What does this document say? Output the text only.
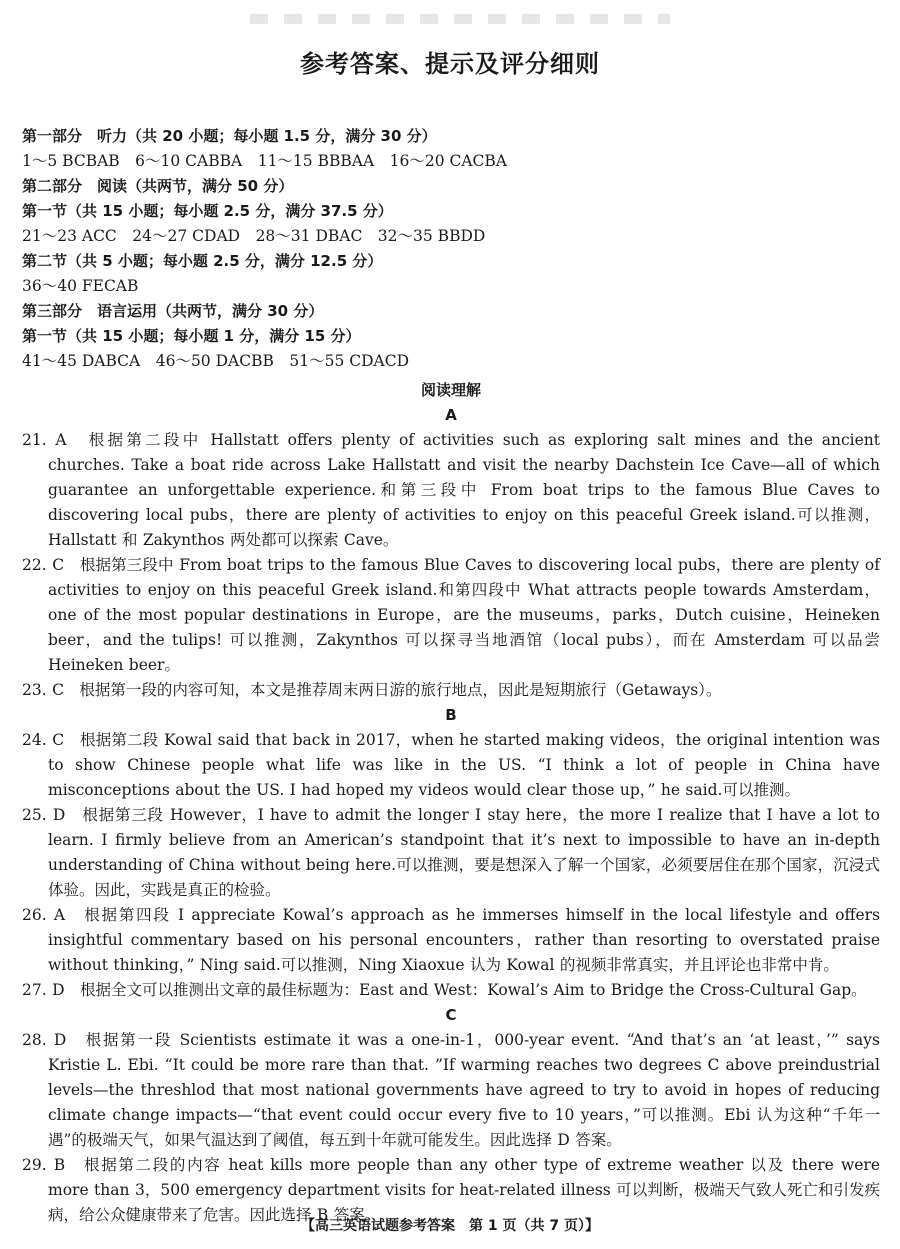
参考答案、提示及评分细则
第一部分　听力（共 20 小题；每小题 1.5 分，满分 30 分）
1～5 BCBAB　6～10 CABBA　11～15 BBBAA　16～20 CACBA
第二部分　阅读（共两节，满分 50 分）
第一节（共 15 小题；每小题 2.5 分，满分 37.5 分）
21～23 ACC　24～27 CDAD　28～31 DBAC　32～35 BBDD
第二节（共 5 小题；每小题 2.5 分，满分 12.5 分）
36～40 FECAB
第三部分　语言运用（共两节，满分 30 分）
第一节（共 15 小题；每小题 1 分，满分 15 分）
41～45 DABCA　46～50 DACBB　51～55 CDACD
阅读理解
A

21. A　根据第二段中 Hallstatt offers plenty of activities such as exploring salt mines and the ancient churches. Take a boat ride across Lake Hallstatt and visit the nearby Dachstein Ice Cave—all of which guarantee an unforgettable experience.和第三段中 From boat trips to the famous Blue Caves to discovering local pubs，there are plenty of activities to enjoy on this peaceful Greek island.可以推测，Hallstatt 和 Zakynthos 两处都可以探索 Cave。

22. C　根据第三段中 From boat trips to the famous Blue Caves to discovering local pubs，there are plenty of activities to enjoy on this peaceful Greek island.和第四段中 What attracts people towards Amsterdam，one of the most popular destinations in Europe，are the museums，parks，Dutch cuisine，Heineken beer，and the tulips! 可以推测，Zakynthos 可以探寻当地酒馆（local pubs），而在 Amsterdam 可以品尝 Heineken beer。

23. C　根据第一段的内容可知，本文是推荐周末两日游的旅行地点，因此是短期旅行（Getaways）。

B

24. C　根据第二段 Kowal said that back in 2017，when he started making videos，the original intention was to show Chinese people what life was like in the US. “I think a lot of people in China have misconceptions about the US. I had hoped my videos would clear those up，” he said.可以推测。

25. D　根据第三段 However，I have to admit the longer I stay here，the more I realize that I have a lot to learn. I firmly believe from an American’s standpoint that it’s next to impossible to have an in-depth understanding of China without being here.可以推测，要是想深入了解一个国家，必须要居住在那个国家，沉浸式体验。因此，实践是真正的检验。

26. A　根据第四段 I appreciate Kowal’s approach as he immerses himself in the local lifestyle and offers insightful commentary based on his personal encounters，rather than resorting to overstated praise without thinking，” Ning said.可以推测，Ning Xiaoxue 认为 Kowal 的视频非常真实，并且评论也非常中肯。

27. D　根据全文可以推测出文章的最佳标题为：East and West：Kowal’s Aim to Bridge the Cross-Cultural Gap。

C

28. D　根据第一段 Scientists estimate it was a one-in-1，000-year event. “And that’s an ‘at least，’” says Kristie L. Ebi. “It could be more rare than that. ”If warming reaches two degrees C above preindustrial levels—the threshlod that most national governments have agreed to try to avoid in hopes of reducing climate change impacts—“that event could occur every five to 10 years，”可以推测。Ebi 认为这种“千年一遇”的极端天气，如果气温达到了阈值，每五到十年就可能发生。因此选择 D 答案。

29. B　根据第二段的内容 heat kills more people than any other type of extreme weather 以及 there were more than 3，500 emergency department visits for heat-related illness 可以判断，极端天气致人死亡和引发疾病，给公众健康带来了危害。因此选择 B 答案。

【高三英语试题参考答案　第 1 页（共 7 页）】
